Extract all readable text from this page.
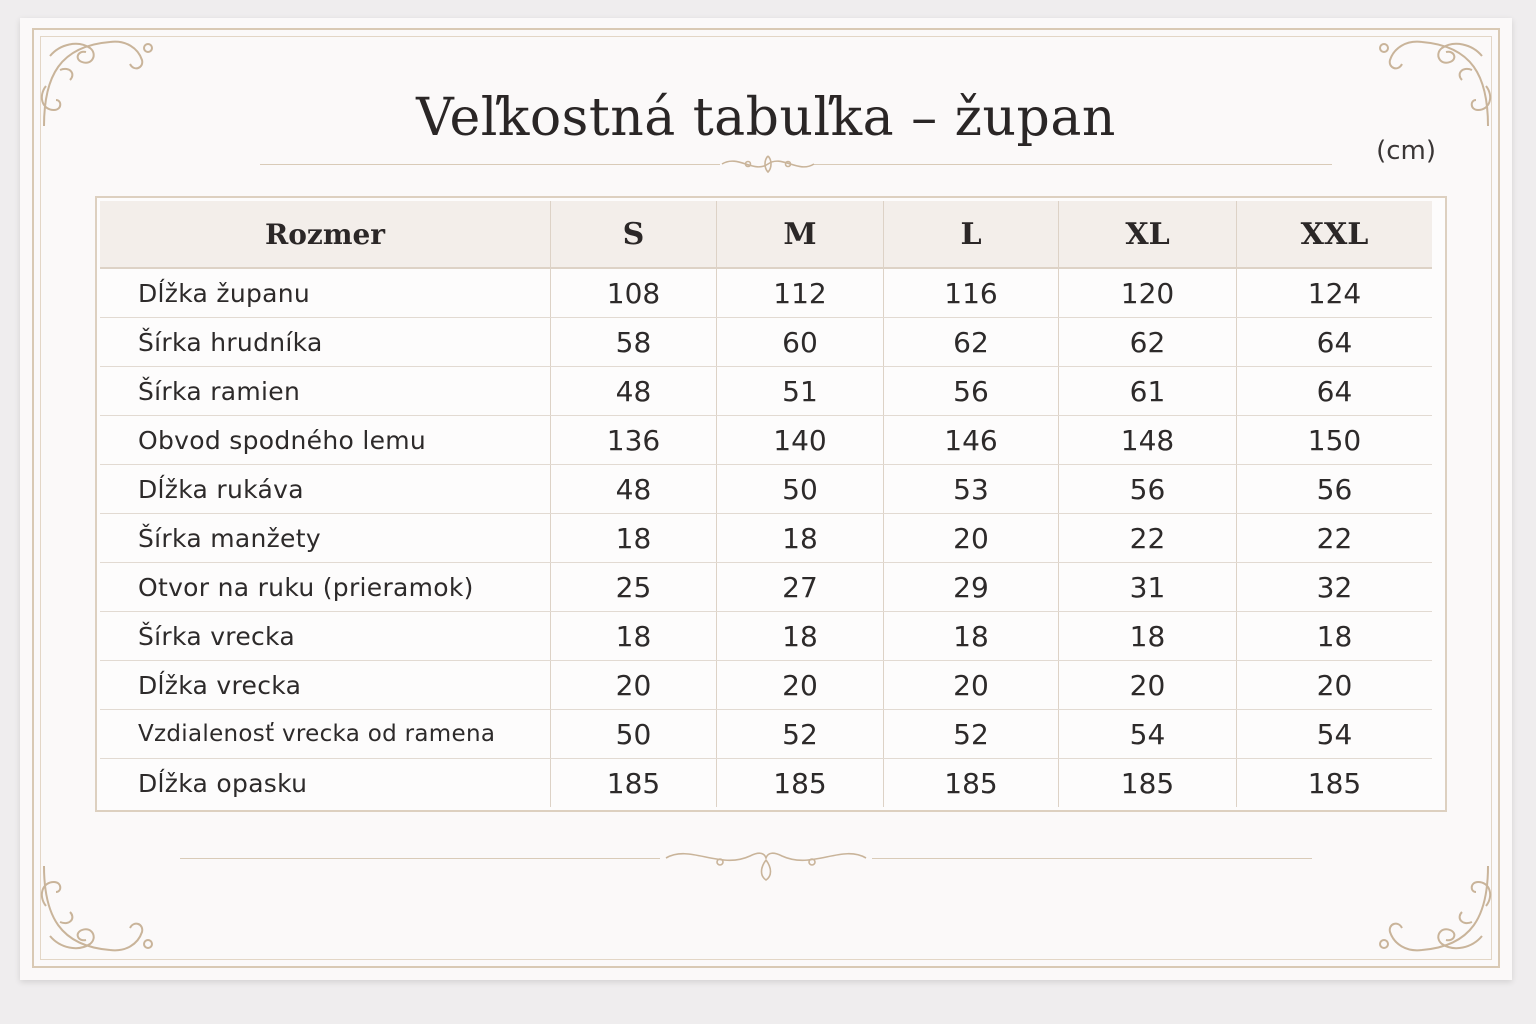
Veľkostná tabuľka – župan
(cm)
Rozmer	S	M	L	XL	XXL
Dĺžka županu	108	112	116	120	124
Šírka hrudníka	58	60	62	62	64
Šírka ramien	48	51	56	61	64
Obvod spodného lemu	136	140	146	148	150
Dĺžka rukáva	48	50	53	56	56
Šírka manžety	18	18	20	22	22
Otvor na ruku (prieramok)	25	27	29	31	32
Šírka vrecka	18	18	18	18	18
Dĺžka vrecka	20	20	20	20	20
Vzdialenosť vrecka od ramena	50	52	52	54	54
Dĺžka opasku	185	185	185	185	185
